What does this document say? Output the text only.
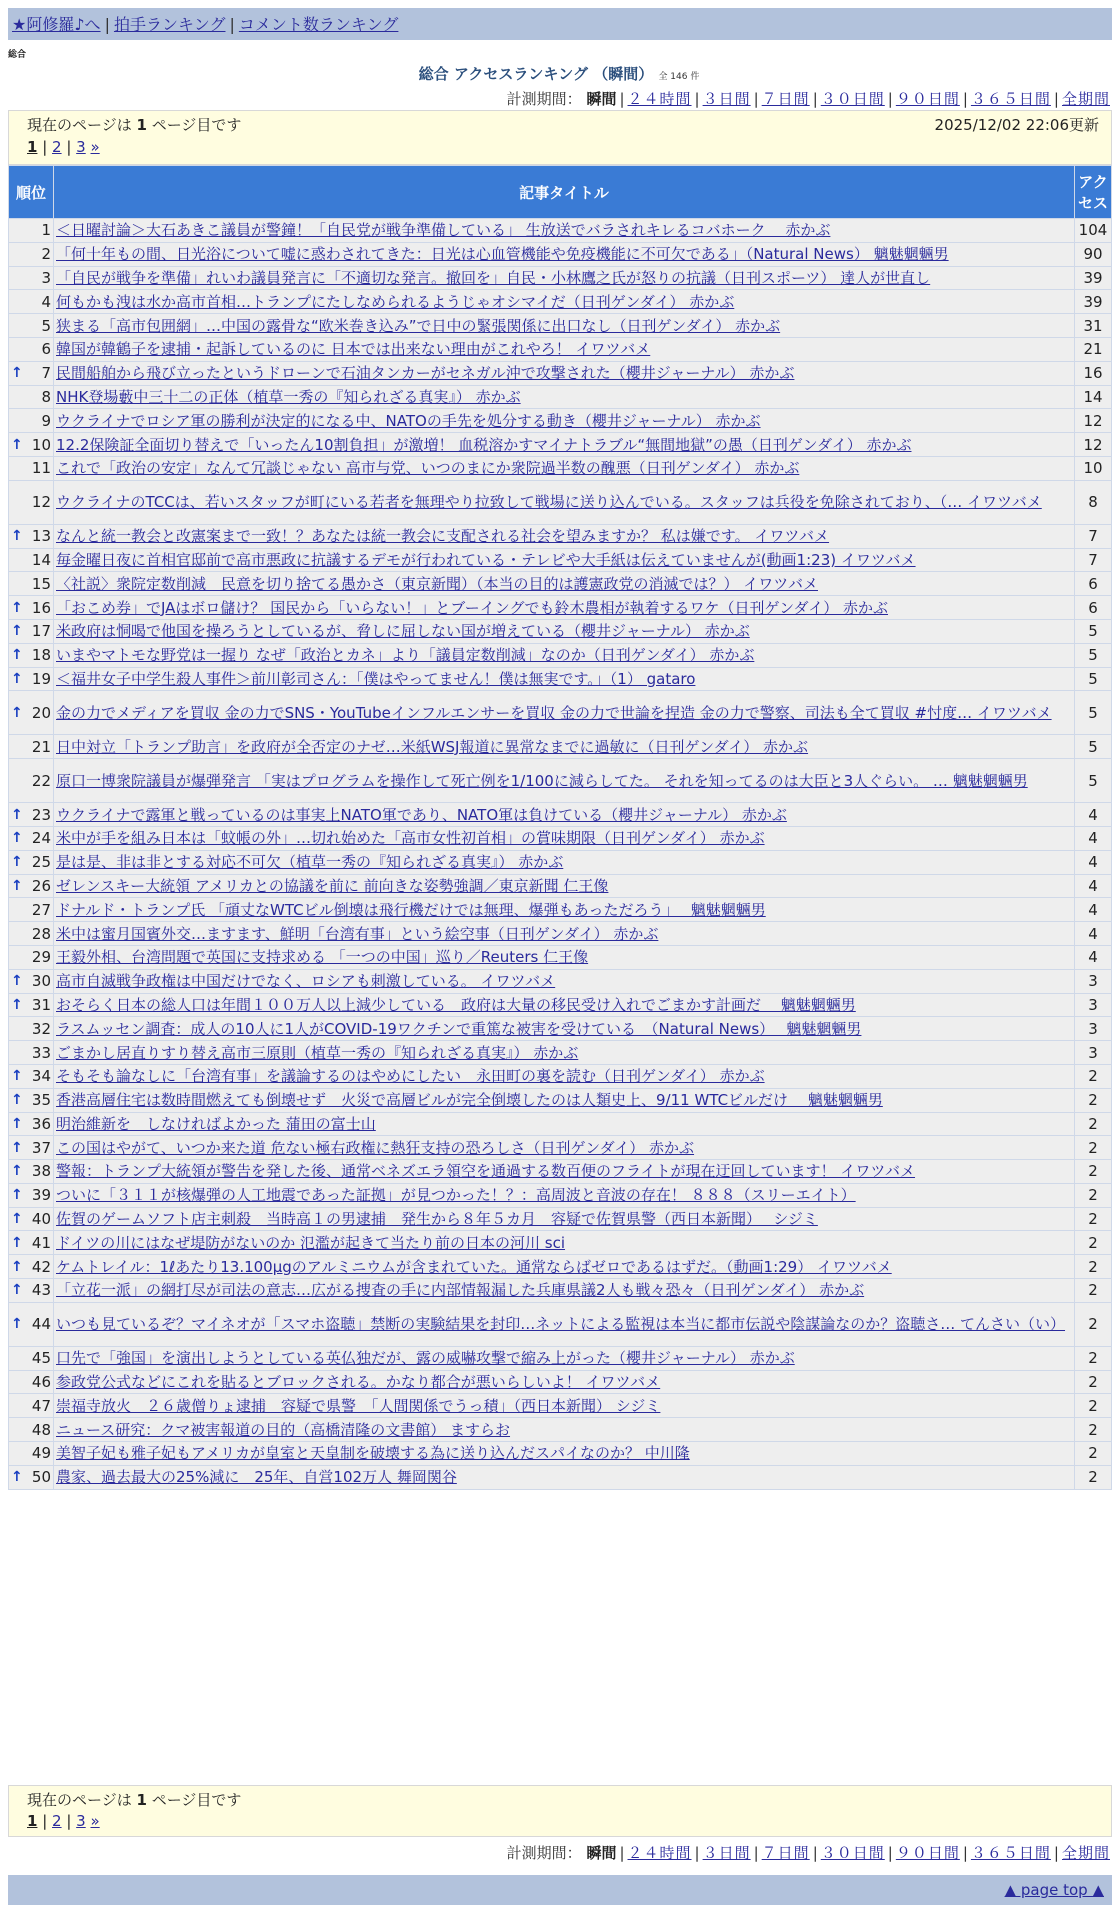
★阿修羅♪へ | 拍手ランキング | コメント数ランキング
総合
総合 アクセスランキング （瞬間） 全 146 件
計測期間： 瞬間 | ２４時間 | ３日間 | ７日間 | ３０日間 | ９０日間 | ３６５日間 | 全期間
現在のページは 1 ページ目です	2025/12/02 22:06更新
1 | 2 | 3 »
順位	記事タイトル	アクセス
1	＜日曜討論＞大石あきこ議員が警鐘！「自民党が戦争準備している」 生放送でバラされキレるコバホーク　 赤かぶ	104
2	「何十年もの間、日光浴について嘘に惑わされてきた：日光は心血管機能や免疫機能に不可欠である」（Natural News） 魑魅魍魎男	90
3	「自民が戦争を準備」れいわ議員発言に「不適切な発言。撤回を」自民・小林鷹之氏が怒りの抗議（日刊スポーツ） 達人が世直し	39
4	何もかも洩は水か高市首相…トランプにたしなめられるようじゃオシマイだ（日刊ゲンダイ） 赤かぶ	39
5	狭まる「高市包囲網」…中国の露骨な“欧米巻き込み”で日中の緊張関係に出口なし（日刊ゲンダイ） 赤かぶ	31
6	韓国が韓鶴子を逮捕・起訴しているのに 日本では出来ない理由がこれやろ！ イワツバメ	21

↑ 7	民間船舶から飛び立ったというドローンで石油タンカーがセネガル沖で攻撃された（櫻井ジャーナル） 赤かぶ	16
8	NHK登場藪中三十二の正体（植草一秀の『知られざる真実』） 赤かぶ	14
9	ウクライナでロシア軍の勝利が決定的になる中、NATOの手先を処分する動き（櫻井ジャーナル） 赤かぶ	12

↑ 10	12.2保険証全面切り替えで「いったん10割負担」が激増！ 血税溶かすマイナトラブル“無間地獄”の愚（日刊ゲンダイ） 赤かぶ	12
11	これで「政治の安定」なんて冗談じゃない 高市与党、いつのまにか衆院過半数の醜悪（日刊ゲンダイ） 赤かぶ	10
12	ウクライナのTCCは、若いスタッフが町にいる若者を無理やり拉致して戦場に送り込んでいる。スタッフは兵役を免除されており、（… イワツバメ	8

↑ 13	なんと統一教会と改憲案まで一致！？あなたは統一教会に支配される社会を望みますか？ 私は嫌です。 イワツバメ	7
14	毎金曜日夜に首相官邸前で高市悪政に抗議するデモが行われている・テレビや大手紙は伝えていませんが(動画1:23) イワツバメ	7
15	〈社説〉衆院定数削減　民意を切り捨てる愚かさ（東京新聞）（本当の目的は護憲政党の消滅では？） イワツバメ	6

↑ 16	「おこめ券」でJAはボロ儲け？ 国民から「いらない！」とブーイングでも鈴木農相が執着するワケ（日刊ゲンダイ） 赤かぶ	6

↑ 17	米政府は恫喝で他国を操ろうとしているが、脅しに屈しない国が増えている（櫻井ジャーナル） 赤かぶ	5

↑ 18	いまやマトモな野党は一握り なぜ「政治とカネ」より「議員定数削減」なのか（日刊ゲンダイ） 赤かぶ	5

↑ 19	＜福井女子中学生殺人事件＞前川彰司さん：「僕はやってません！僕は無実です。」（1） gataro	5

↑ 20	金の力でメディアを買収 金の力でSNS・YouTubeインフルエンサーを買収 金の力で世論を捏造 金の力で警察、司法も全て買収 #忖度… イワツバメ	5
21	日中対立「トランプ助言」を政府が全否定のナゼ…米紙WSJ報道に異常なまでに過敏に（日刊ゲンダイ） 赤かぶ	5
22	原口一博衆院議員が爆弾発言 「実はプログラムを操作して死亡例を1/100に減らしてた。 それを知ってるのは大臣と3人ぐらい。 … 魑魅魍魎男	5

↑ 23	ウクライナで露軍と戦っているのは事実上NATO軍であり、NATO軍は負けている（櫻井ジャーナル） 赤かぶ	4

↑ 24	米中が手を組み日本は「蚊帳の外」…切れ始めた「高市女性初首相」の賞味期限（日刊ゲンダイ） 赤かぶ	4

↑ 25	是は是、非は非とする対応不可欠（植草一秀の『知られざる真実』） 赤かぶ	4

↑ 26	ゼレンスキー大統領 アメリカとの協議を前に 前向きな姿勢強調／東京新聞 仁王像	4
27	ドナルド・トランプ氏 「頑丈なWTCビル倒壊は飛行機だけでは無理、爆弾もあっただろう」　 魑魅魍魎男	4
28	米中は蜜月国賓外交…ますます、鮮明「台湾有事」という絵空事（日刊ゲンダイ） 赤かぶ	4
29	王毅外相、台湾問題で英国に支持求める 「一つの中国」巡り／Reuters 仁王像	4

↑ 30	高市自滅戦争政権は中国だけでなく、ロシアも刺激している。 イワツバメ	3

↑ 31	おそらく日本の総人口は年間１００万人以上減少している　政府は大量の移民受け入れでごまかす計画だ　 魑魅魍魎男	3
32	ラスムッセン調査：成人の10人に1人がCOVID-19ワクチンで重篤な被害を受けている　（Natural News）　 魑魅魍魎男	3
33	ごまかし居直りすり替え高市三原則（植草一秀の『知られざる真実』） 赤かぶ	3

↑ 34	そもそも論なしに「台湾有事」を議論するのはやめにしたい　永田町の裏を読む（日刊ゲンダイ） 赤かぶ	2

↑ 35	香港高層住宅は数時間燃えても倒壊せず　火災で高層ビルが完全倒壊したのは人類史上、9/11 WTCビルだけ　 魑魅魍魎男	2

↑ 36	明治維新を　しなければよかった 蒲田の富士山	2

↑ 37	この国はやがて、いつか来た道 危ない極右政権に熱狂支持の恐ろしさ（日刊ゲンダイ） 赤かぶ	2

↑ 38	警報：トランプ大統領が警告を発した後、通常ベネズエラ領空を通過する数百便のフライトが現在迂回しています！ イワツバメ	2

↑ 39	ついに「３１１が核爆弾の人工地震であった証拠」が見つかった！？：高周波と音波の存在！ ８８８（スリーエイト）	2

↑ 40	佐賀のゲームソフト店主刺殺　当時高１の男逮捕　発生から８年５カ月　容疑で佐賀県警（西日本新聞）　 シジミ	2

↑ 41	ドイツの川にはなぜ堤防がないのか 氾濫が起きて当たり前の日本の河川 sci	2

↑ 42	ケムトレイル：1ℓあたり13.100μgのアルミニウムが含まれていた。通常ならばゼロであるはずだ。（動画1:29） イワツバメ	2

↑ 43	「立花一派」の網打尽が司法の意志…広がる捜査の手に内部情報漏した兵庫県議2人も戦々恐々（日刊ゲンダイ） 赤かぶ	2

↑ 44	いつも見ているぞ？マイネオが「スマホ盗聴」禁断の実験結果を封印…ネットによる監視は本当に都市伝説や陰謀論なのか？盗聴さ… てんさい（い）	2
45	口先で「強国」を演出しようとしている英仏独だが、露の威嚇攻撃で縮み上がった（櫻井ジャーナル） 赤かぶ	2
46	参政党公式などにこれを貼るとブロックされる。かなり都合が悪いらしいよ！ イワツバメ	2
47	崇福寺放火　２６歳僧りょ逮捕　容疑で県警　「人間関係でうっ積」（西日本新聞） シジミ	2
48	ニュース研究：クマ被害報道の目的（高橋清隆の文書館） ますらお	2
49	美智子妃も雅子妃もアメリカが皇室と天皇制を破壊する為に送り込んだスパイなのか？ 中川隆	2

↑ 50	農家、過去最大の25%減に　25年、自営102万人 舞岡関谷	2
現在のページは 1 ページ目です
1 | 2 | 3 »
計測期間： 瞬間 | ２４時間 | ３日間 | ７日間 | ３０日間 | ９０日間 | ３６５日間 | 全期間
▲ page top ▲
